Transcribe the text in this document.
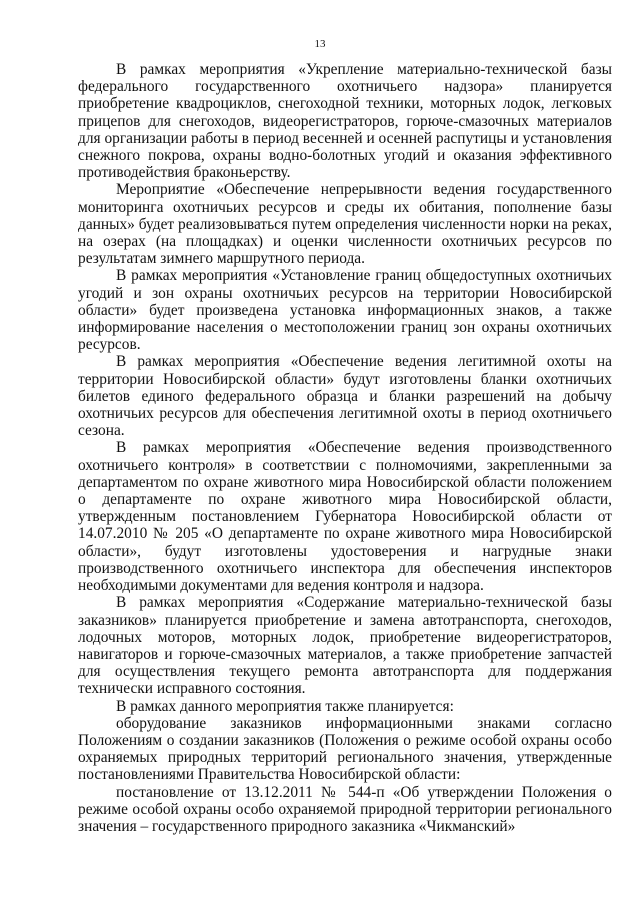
13

В рамках мероприятия «Укрепление материально-технической базы федерального государственного охотничьего надзора» планируется приобретение квадроциклов, снегоходной техники, моторных лодок, легковых прицепов для снегоходов, видеорегистраторов, горюче-смазочных материалов для организации работы в период весенней и осенней распутицы и установления снежного покрова, охраны водно-болотных угодий и оказания эффективного противодействия браконьерству.

Мероприятие «Обеспечение непрерывности ведения государственного мониторинга охотничьих ресурсов и среды их обитания, пополнение базы данных» будет реализовываться путем определения численности норки на реках, на озерах (на площадках) и оценки численности охотничьих ресурсов по результатам зимнего маршрутного периода.

В рамках мероприятия «Установление границ общедоступных охотничьих угодий и зон охраны охотничьих ресурсов на территории Новосибирской области» будет произведена установка информационных знаков, а также информирование населения о местоположении границ зон охраны охотничьих ресурсов.

В рамках мероприятия «Обеспечение ведения легитимной охоты на территории Новосибирской области» будут изготовлены бланки охотничьих билетов единого федерального образца и бланки разрешений на добычу охотничьих ресурсов для обеспечения легитимной охоты в период охотничьего сезона.

В рамках мероприятия «Обеспечение ведения производственного охотничьего контроля» в соответствии с полномочиями, закрепленными за департаментом по охране животного мира Новосибирской области положением о департаменте по охране животного мира Новосибирской области, утвержденным постановлением Губернатора Новосибирской области от 14.07.2010 № 205 «О департаменте по охране животного мира Новосибирской области», будут изготовлены удостоверения и нагрудные знаки производственного охотничьего инспектора для обеспечения инспекторов необходимыми документами для ведения контроля и надзора.

В рамках мероприятия «Содержание материально-технической базы заказников» планируется приобретение и замена автотранспорта, снегоходов, лодочных моторов, моторных лодок, приобретение видеорегистраторов, навигаторов и горюче-смазочных материалов, а также приобретение запчастей для осуществления текущего ремонта автотранспорта для поддержания технически исправного состояния.

В рамках данного мероприятия также планируется:

оборудование заказников информационными знаками согласно Положениям о создании заказников (Положения о режиме особой охраны особо охраняемых природных территорий регионального значения, утвержденные постановлениями Правительства Новосибирской области:

постановление от 13.12.2011 № 544-п «Об утверждении Положения о режиме особой охраны особо охраняемой природной территории регионального значения – государственного природного заказника «Чикманский»
